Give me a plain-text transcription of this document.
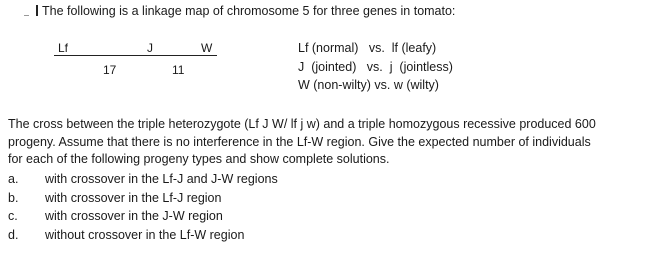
The following is a linkage map of chromosome 5 for three genes in tomato:
Lf	J	W
17	11
Lf (normal)   vs.  lf (leafy)
J  (jointed)   vs.  j  (jointless)
W (non-wilty) vs. w (wilty)
The cross between the triple heterozygote (Lf J W/ lf j w) and a triple homozygous recessive produced 600
progeny. Assume that there is no interference in the Lf-W region. Give the expected number of individuals
for each of the following progeny types and show complete solutions.
a. with crossover in the Lf-J and J-W regions
b. with crossover in the Lf-J region
c. with crossover in the J-W region
d. without crossover in the Lf-W region
